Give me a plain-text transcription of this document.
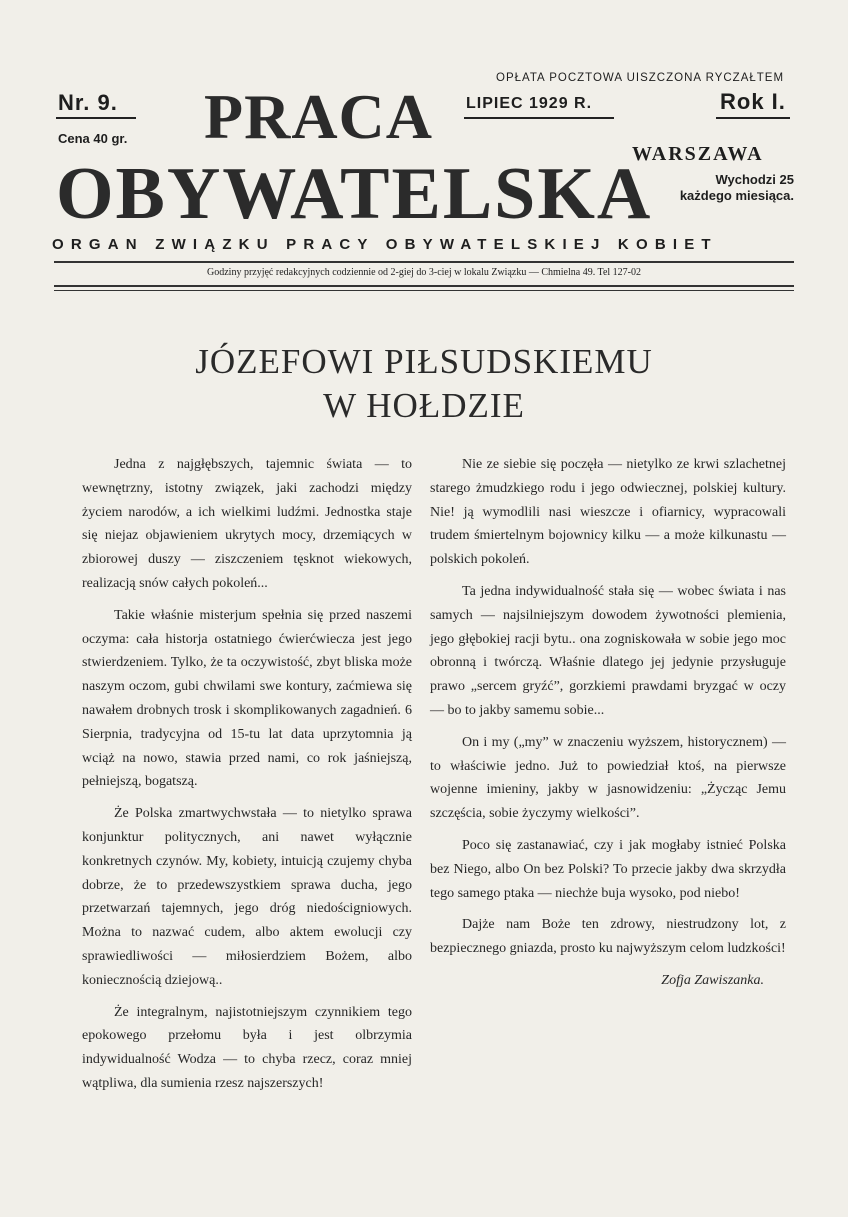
Nr. 9.
Cena 40 gr. PRACA
OBYWATELSKA
OPŁATA POCZTOWA UISZCZONA RYCZAŁTEM
LIPIEC 1929 R.	Rok I.
WARSZAWA
Wychodzi 25
każdego miesiąca.
ORGAN ZWIĄZKU PRACY OBYWATELSKIEJ KOBIET
Godziny przyjęć redakcyjnych codziennie od 2-giej do 3-ciej w lokalu Związku — Chmielna 49. Tel 127-02
JÓZEFOWI PIŁSUDSKIEMU
W HOŁDZIE

Jedna z najgłębszych, tajemnic świata — to wewnętrzny, istotny związek, jaki zachodzi między życiem narodów, a ich wielkimi ludźmi. Jednostka staje się niejaz objawieniem ukrytych mocy, drzemiących w zbiorowej duszy — ziszczeniem tęsknot wiekowych, realizacją snów całych pokoleń...

Takie właśnie misterjum spełnia się przed naszemi oczyma: cała historja ostatniego ćwierćwiecza jest jego stwierdzeniem. Tylko, że ta oczywistość, zbyt bliska może naszym oczom, gubi chwilami swe kontury, zaćmiewa się nawałem drobnych trosk i skomplikowanych zagadnień. 6 Sierpnia, tradycyjna od 15-tu lat data uprzytomnia ją wciąż na nowo, stawia przed nami, co rok jaśniejszą, pełniejszą, bogatszą.

Że Polska zmartwychwstała — to nietylko sprawa konjunktur politycznych, ani nawet wyłącznie konkretnych czynów. My, kobiety, intuicją czujemy chyba dobrze, że to przedewszystkiem sprawa ducha, jego przetwarzań tajemnych, jego dróg niedościgniowych. Można to nazwać cudem, albo aktem ewolucji czy sprawiedliwości — miłosierdziem Bożem, albo koniecznością dziejową..

Że integralnym, najistotniejszym czynnikiem tego epokowego przełomu była i jest olbrzymia indywidualność Wodza — to chyba rzecz, coraz mniej wątpliwa, dla sumienia rzesz najszerszych!

Nie ze siebie się poczęła — nietylko ze krwi szlachetnej starego żmudzkiego rodu i jego odwiecznej, polskiej kultury. Nie! ją wymodlili nasi wieszcze i ofiarnicy, wypracowali trudem śmiertelnym bojownicy kilku — a może kilkunastu — polskich pokoleń.

Ta jedna indywidualność stała się — wobec świata i nas samych — najsilniejszym dowodem żywotności plemienia, jego głębokiej racji bytu.. ona zogniskowała w sobie jego moc obronną i twórczą. Właśnie dlatego jej jedynie przysługuje prawo „sercem gryźć”, gorzkiemi prawdami bryzgać w oczy — bo to jakby samemu sobie...

On i my („my” w znaczeniu wyższem, historycznem) — to właściwie jedno. Już to powiedział ktoś, na pierwsze wojenne imieniny, jakby w jasnowidzeniu: „Życząc Jemu szczęścia, sobie życzymy wielkości”.

Poco się zastanawiać, czy i jak mogłaby istnieć Polska bez Niego, albo On bez Polski? To przecie jakby dwa skrzydła tego samego ptaka — niechże buja wysoko, pod niebo!

Dajże nam Boże ten zdrowy, niestrudzony lot, z bezpiecznego gniazda, prosto ku najwyższym celom ludzkości!

Zofja Zawiszanka.
